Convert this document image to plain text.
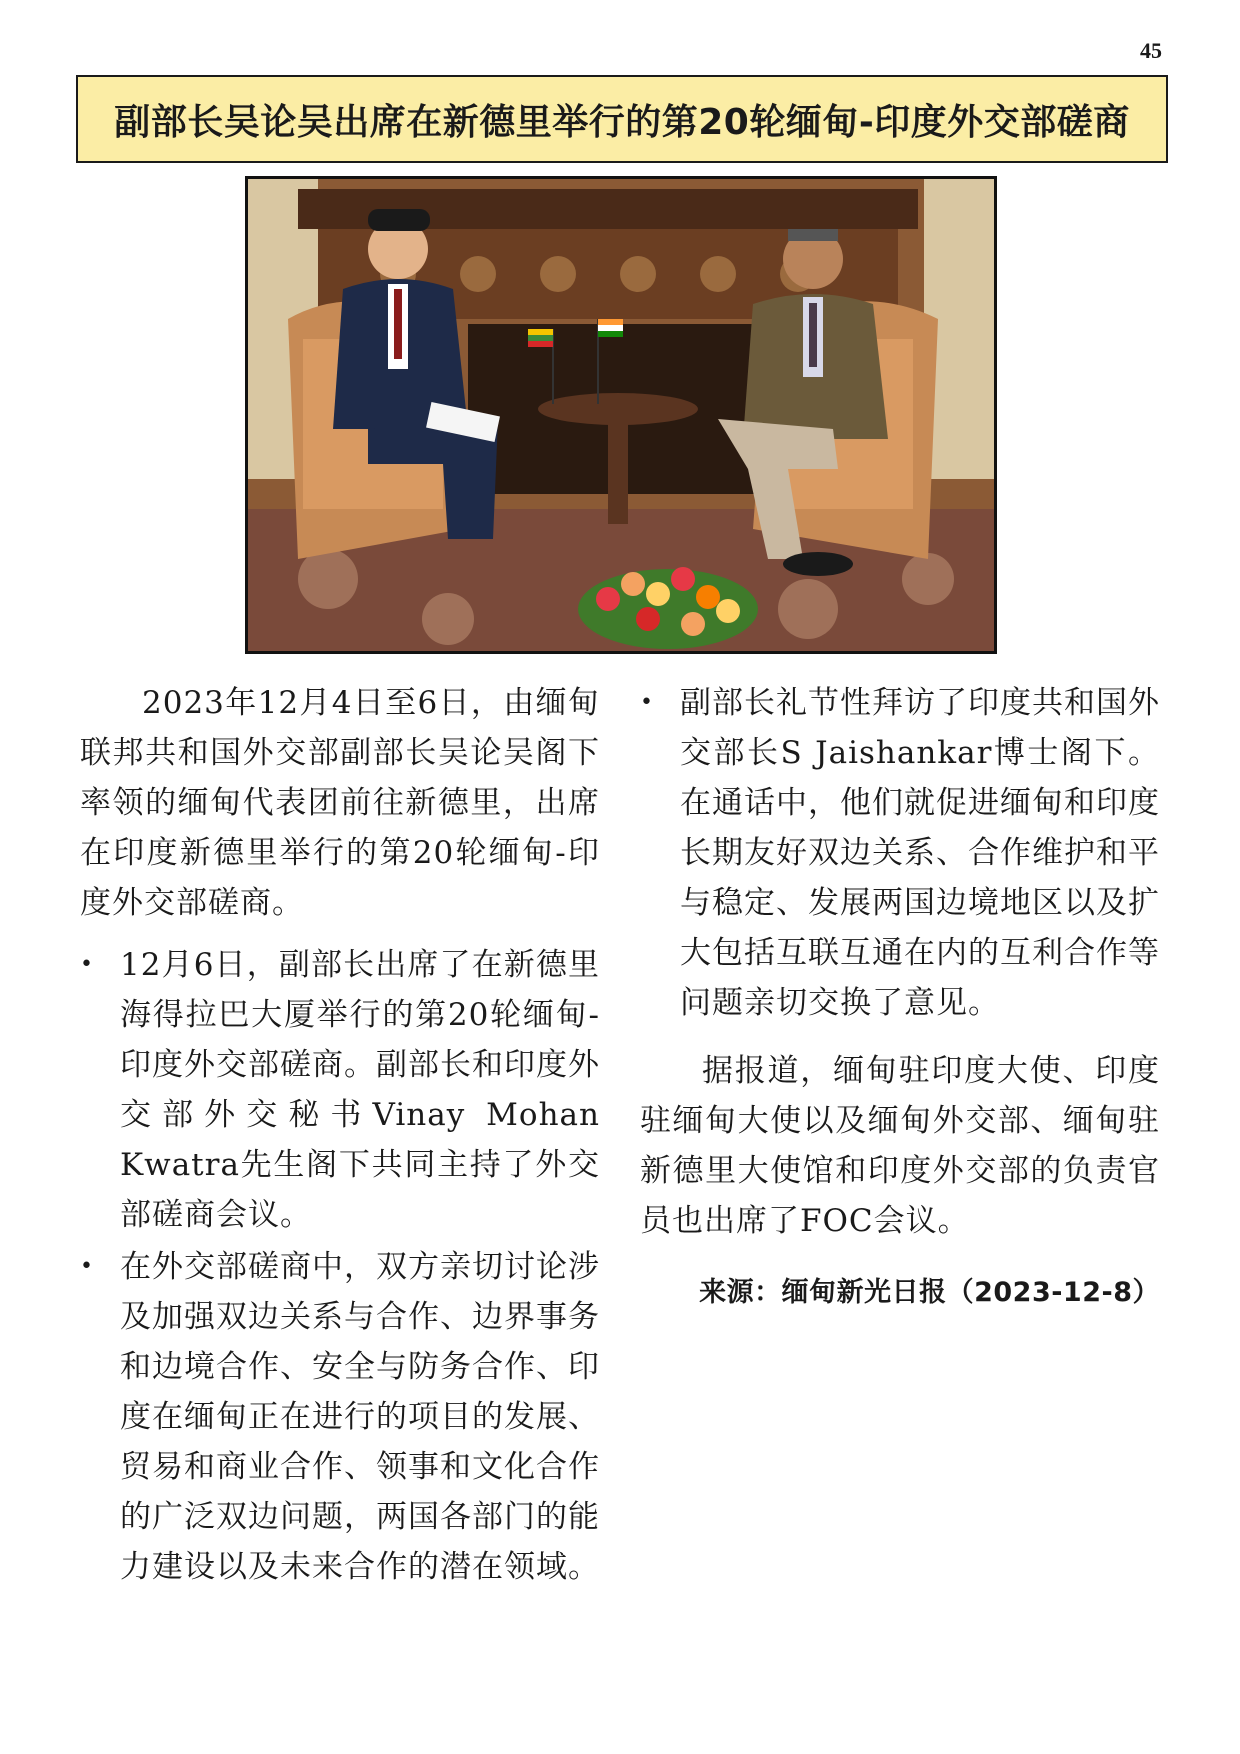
45
副部长吴论吴出席在新德里举行的第20轮缅甸-印度外交部磋商

2023年12月4日至6日，由缅甸联邦共和国外交部副部长吴论吴阁下率领的缅甸代表团前往新德里，出席在印度新德里举行的第20轮缅甸-印度外交部磋商。

• 12月6日，副部长出席了在新德里海得拉巴大厦举行的第20轮缅甸-印度外交部磋商。副部长和印度外交部外交秘书Vinay Mohan Kwatra先生阁下共同主持了外交部磋商会议。
• 在外交部磋商中，双方亲切讨论涉及加强双边关系与合作、边界事务和边境合作、安全与防务合作、印度在缅甸正在进行的项目的发展、贸易和商业合作、领事和文化合作的广泛双边问题，两国各部门的能力建设以及未来合作的潜在领域。
• 副部长礼节性拜访了印度共和国外交部长S Jaishankar博士阁下。在通话中，他们就促进缅甸和印度长期友好双边关系、合作维护和平与稳定、发展两国边境地区以及扩大包括互联互通在内的互利合作等问题亲切交换了意见。

据报道，缅甸驻印度大使、印度驻缅甸大使以及缅甸外交部、缅甸驻新德里大使馆和印度外交部的负责官员也出席了FOC会议。

来源：缅甸新光日报（2023-12-8）
